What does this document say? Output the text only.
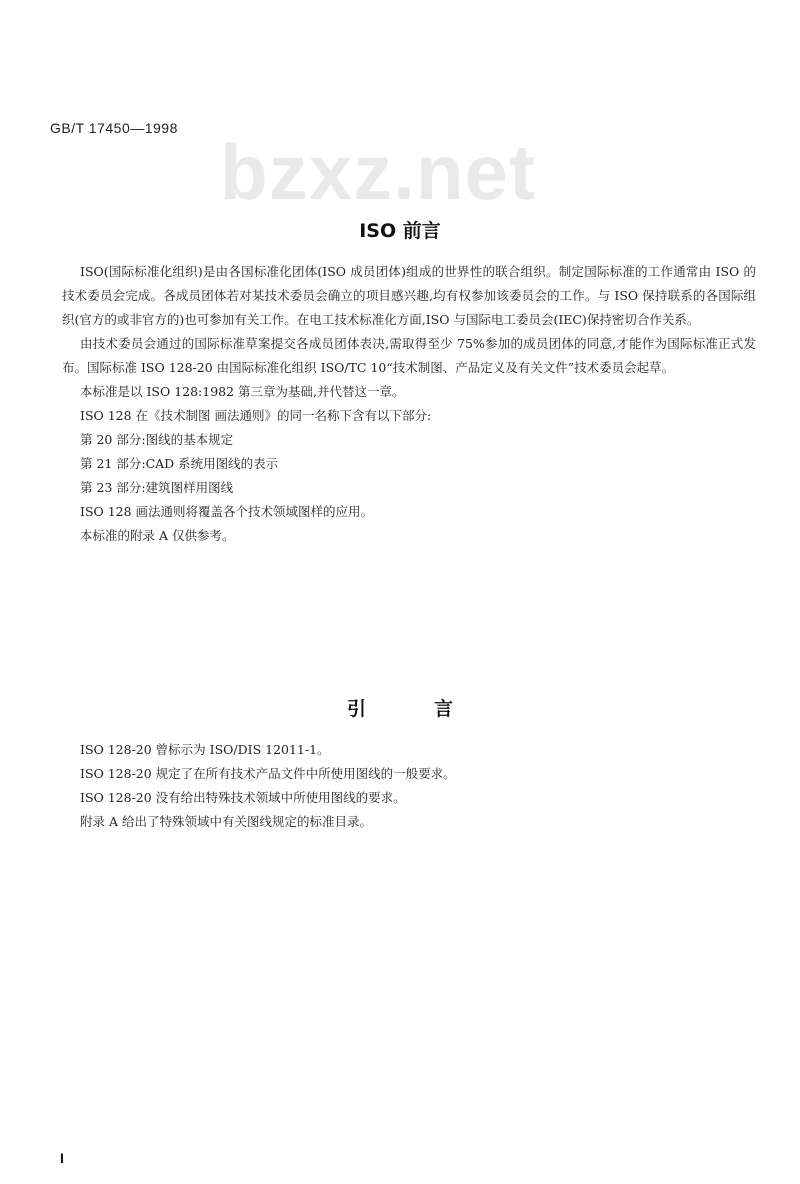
GB/T 17450—1998 bzxz.net
ISO 前言

ISO(国际标准化组织)是由各国标准化团体(ISO 成员团体)组成的世界性的联合组织。制定国际标准的工作通常由 ISO 的技术委员会完成。各成员团体若对某技术委员会确立的项目感兴趣,均有权参加该委员会的工作。与 ISO 保持联系的各国际组织(官方的或非官方的)也可参加有关工作。在电工技术标准化方面,ISO 与国际电工委员会(IEC)保持密切合作关系。

由技术委员会通过的国际标准草案提交各成员团体表决,需取得至少 75%参加的成员团体的同意,才能作为国际标准正式发布。国际标准 ISO 128-20 由国际标准化组织 ISO/TC 10“技术制图、产品定义及有关文件”技术委员会起草。

本标准是以 ISO 128:1982 第三章为基础,并代替这一章。

ISO 128 在《技术制图 画法通则》的同一名称下含有以下部分:

第 20 部分:图线的基本规定

第 21 部分:CAD 系统用图线的表示

第 23 部分:建筑图样用图线

ISO 128 画法通则将覆盖各个技术领域图样的应用。

本标准的附录 A 仅供参考。

引言

ISO 128-20 曾标示为 ISO/DIS 12011-1。

ISO 128-20 规定了在所有技术产品文件中所使用图线的一般要求。

ISO 128-20 没有给出特殊技术领域中所使用图线的要求。

附录 A 给出了特殊领域中有关图线规定的标准目录。

I
